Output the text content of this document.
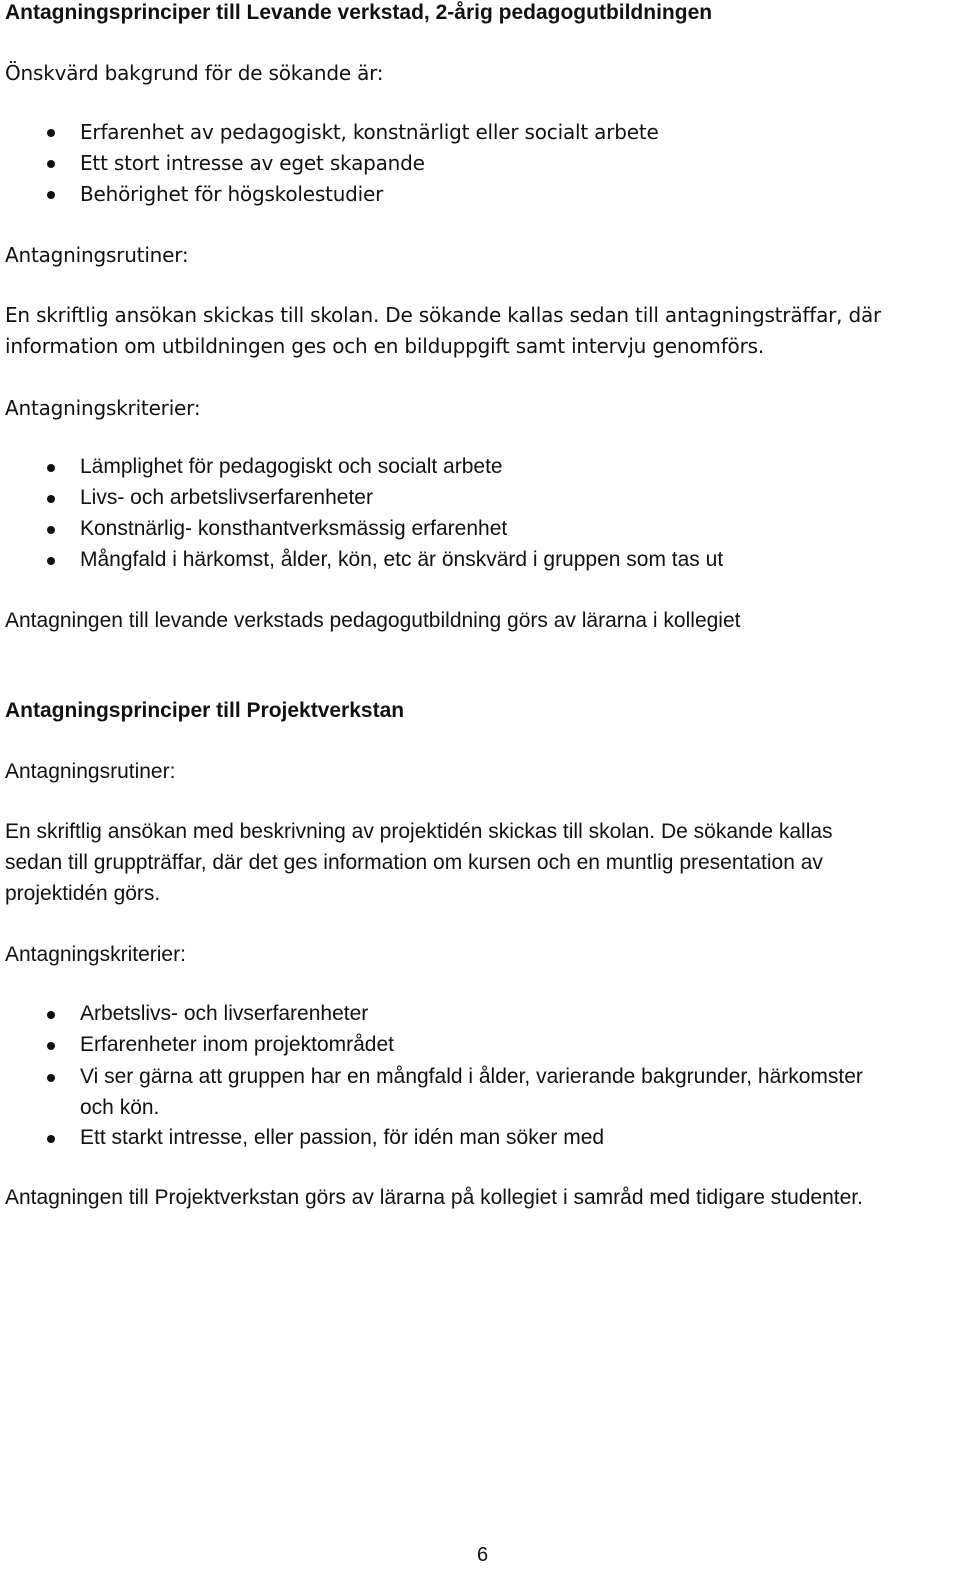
Antagningsprinciper till Levande verkstad, 2-årig pedagogutbildningen
Önskvärd bakgrund för de sökande är:
Erfarenhet av pedagogiskt, konstnärligt eller socialt arbete
Ett stort intresse av eget skapande
Behörighet för högskolestudier
Antagningsrutiner:
En skriftlig ansökan skickas till skolan. De sökande kallas sedan till antagningsträffar, där
information om utbildningen ges och en bilduppgift samt intervju genomförs.
Antagningskriterier:
Lämplighet för pedagogiskt och socialt arbete
Livs- och arbetslivserfarenheter
Konstnärlig- konsthantverksmässig erfarenhet
Mångfald i härkomst, ålder, kön, etc är önskvärd i gruppen som tas ut
Antagningen till levande verkstads pedagogutbildning görs av lärarna i kollegiet
Antagningsprinciper till Projektverkstan
Antagningsrutiner:
En skriftlig ansökan med beskrivning av projektidén skickas till skolan. De sökande kallas
sedan till gruppträffar, där det ges information om kursen och en muntlig presentation av
projektidén görs.
Antagningskriterier:
Arbetslivs- och livserfarenheter
Erfarenheter inom projektområdet
Vi ser gärna att gruppen har en mångfald i ålder, varierande bakgrunder, härkomster
och kön.
Ett starkt intresse, eller passion, för idén man söker med
Antagningen till Projektverkstan görs av lärarna på kollegiet i samråd med tidigare studenter.
6
